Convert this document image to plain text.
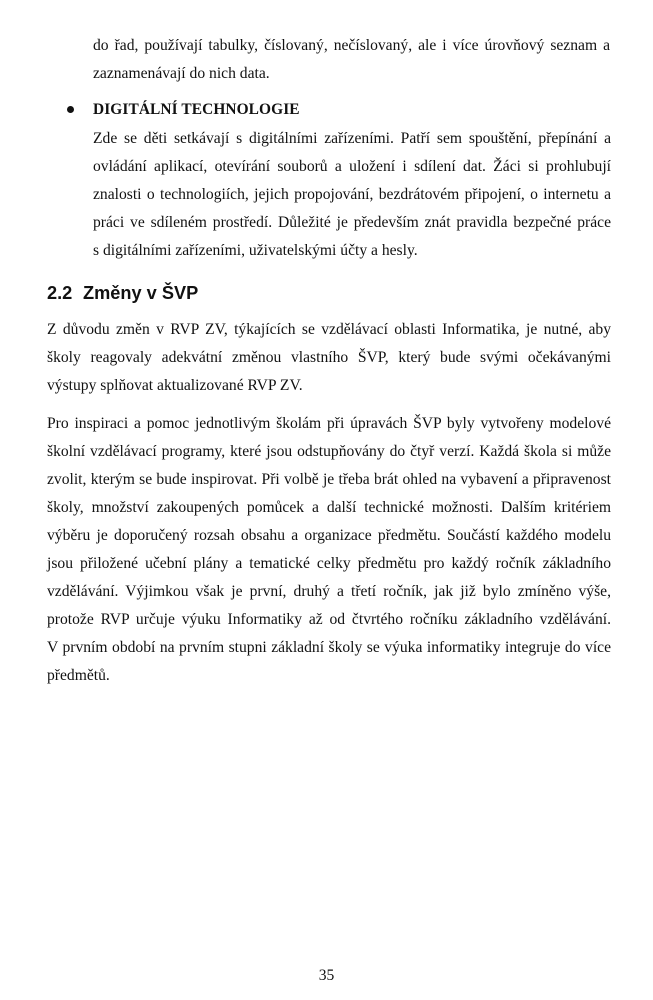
do řad, používají tabulky, číslovaný, nečíslovaný, ale i více úrovňový seznam a
zaznamenávají do nich data.
DIGITÁLNÍ TECHNOLOGIE
Zde se děti setkávají s digitálními zařízeními. Patří sem spouštění, přepínání a
ovládání aplikací, otevírání souborů a uložení i sdílení dat. Žáci si prohlubují
znalosti o technologiích, jejich propojování, bezdrátovém připojení, o internetu a
práci ve sdíleném prostředí. Důležité je především znát pravidla bezpečné práce
s digitálními zařízeními, uživatelskými účty a hesly.
2.2 Změny v ŠVP
Z důvodu změn v RVP ZV, týkajících se vzdělávací oblasti Informatika, je nutné, aby
školy reagovaly adekvátní změnou vlastního ŠVP, který bude svými očekávanými
výstupy splňovat aktualizované RVP ZV.
Pro inspiraci a pomoc jednotlivým školám při úpravách ŠVP byly vytvořeny modelové
školní vzdělávací programy, které jsou odstupňovány do čtyř verzí. Každá škola si může
zvolit, kterým se bude inspirovat. Při volbě je třeba brát ohled na vybavení a připravenost
školy, množství zakoupených pomůcek a další technické možnosti. Dalším kritériem
výběru je doporučený rozsah obsahu a organizace předmětu. Součástí každého modelu
jsou přiložené učební plány a tematické celky předmětu pro každý ročník základního
vzdělávání. Výjimkou však je první, druhý a třetí ročník, jak již bylo zmíněno výše,
protože RVP určuje výuku Informatiky až od čtvrtého ročníku základního vzdělávání.
V prvním období na prvním stupni základní školy se výuka informatiky integruje do více
předmětů.
35
